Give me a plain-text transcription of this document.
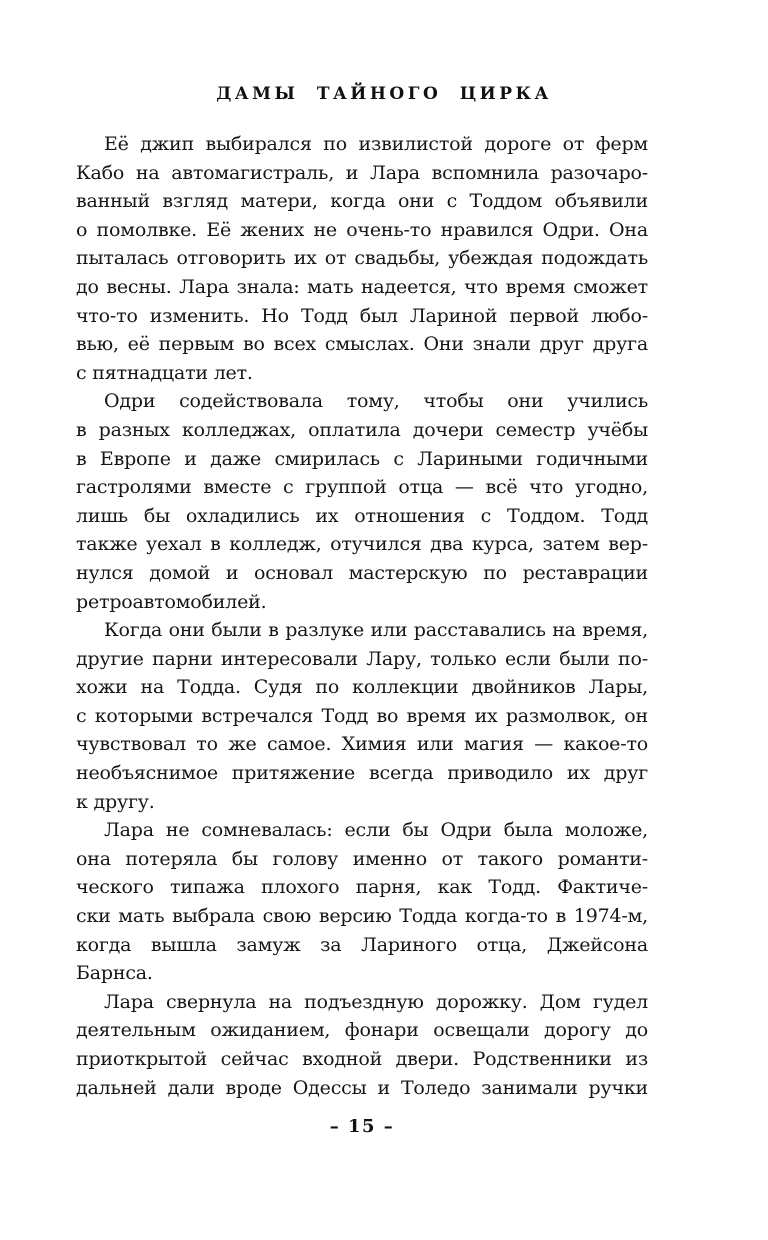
ДАМЫ ТАЙНОГО ЦИРКА
Её джип выбирался по извилистой дороге от ферм
Кабо на автомагистраль, и Лара вспомнила разочаро-
ванный взгляд матери, когда они с Тоддом объявили
о помолвке. Её жених не очень-то нравился Одри. Она
пыталась отговорить их от свадьбы, убеждая подождать
до весны. Лара знала: мать надеется, что время сможет
что-то изменить. Но Тодд был Лариной первой любо-
вью, её первым во всех смыслах. Они знали друг друга
с пятнадцати лет.
Одри содействовала тому, чтобы они учились
в разных колледжах, оплатила дочери семестр учёбы
в Европе и даже смирилась с Лариными годичными
гастролями вместе с группой отца — всё что угодно,
лишь бы охладились их отношения с Тоддом. Тодд
также уехал в колледж, отучился два курса, затем вер-
нулся домой и основал мастерскую по реставрации
ретроавтомобилей.
Когда они были в разлуке или расставались на время,
другие парни интересовали Лару, только если были по-
хожи на Тодда. Судя по коллекции двойников Лары,
с которыми встречался Тодд во время их размолвок, он
чувствовал то же самое. Химия или магия — какое-то
необъяснимое притяжение всегда приводило их друг
к другу.
Лара не сомневалась: если бы Одри была моложе,
она потеряла бы голову именно от такого романти-
ческого типажа плохого парня, как Тодд. Фактиче-
ски мать выбрала свою версию Тодда когда-то в 1974-м,
когда вышла замуж за Лариного отца, Джейсона
Барнса.
Лара свернула на подъездную дорожку. Дом гудел
деятельным ожиданием, фонари освещали дорогу до
приоткрытой сейчас входной двери. Родственники из
дальней дали вроде Одессы и Толедо занимали ручки
– 15 –
